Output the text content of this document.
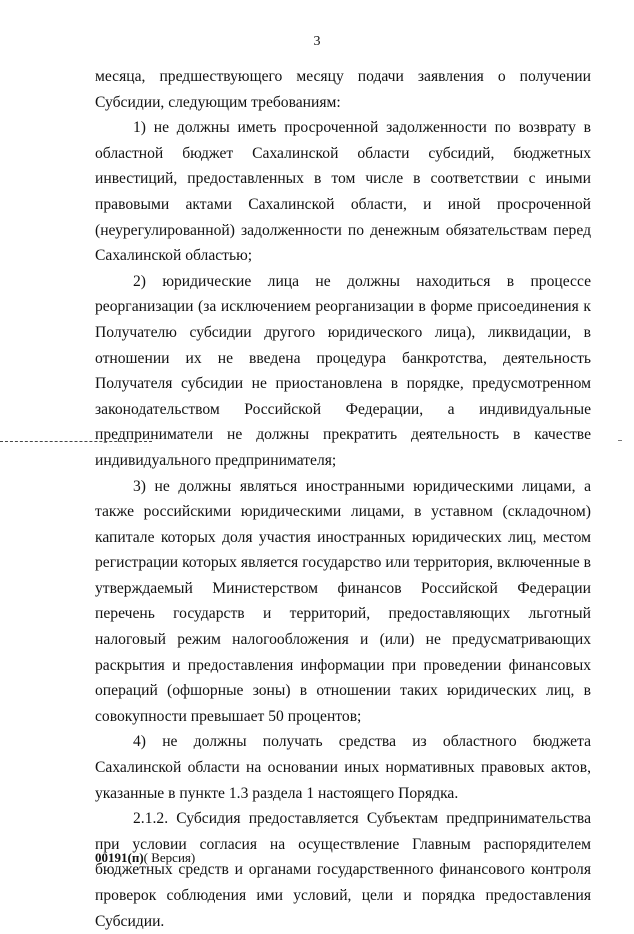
3

месяца, предшествующего месяцу подачи заявления о получении Субсидии, следующим требованиям:

1) не должны иметь просроченной задолженности по возврату в областной бюджет Сахалинской области субсидий, бюджетных инвестиций, предоставленных в том числе в соответствии с иными правовыми актами Сахалинской области, и иной просроченной (неурегулированной) задолженности по денежным обязательствам перед Сахалинской областью;

2) юридические лица не должны находиться в процессе реорганизации (за исключением реорганизации в форме присоединения к Получателю субсидии другого юридического лица), ликвидации, в отношении их не введена процедура банкротства, деятельность Получателя субсидии не приостановлена в порядке, предусмотренном законодательством Российской Федерации, а индивидуальные предприниматели не должны прекратить деятельность в качестве индивидуального предпринимателя;

3) не должны являться иностранными юридическими лицами, а также российскими юридическими лицами, в уставном (складочном) капитале которых доля участия иностранных юридических лиц, местом регистрации которых является государство или территория, включенные в утверждаемый Министерством финансов Российской Федерации перечень государств и территорий, предоставляющих льготный налоговый режим налогообложения и (или) не предусматривающих раскрытия и предоставления информации при проведении финансовых операций (офшорные зоны) в отношении таких юридических лиц, в совокупности превышает 50 процентов;

4) не должны получать средства из областного бюджета Сахалинской области на основании иных нормативных правовых актов, указанные в пункте 1.3 раздела 1 настоящего Порядка.

2.1.2. Субсидия предоставляется Субъектам предпринимательства при условии согласия на осуществление Главным распорядителем бюджетных средств и органами государственного финансового контроля проверок соблюдения ими условий, цели и порядка предоставления Субсидии.

00191(п)( Версия)
